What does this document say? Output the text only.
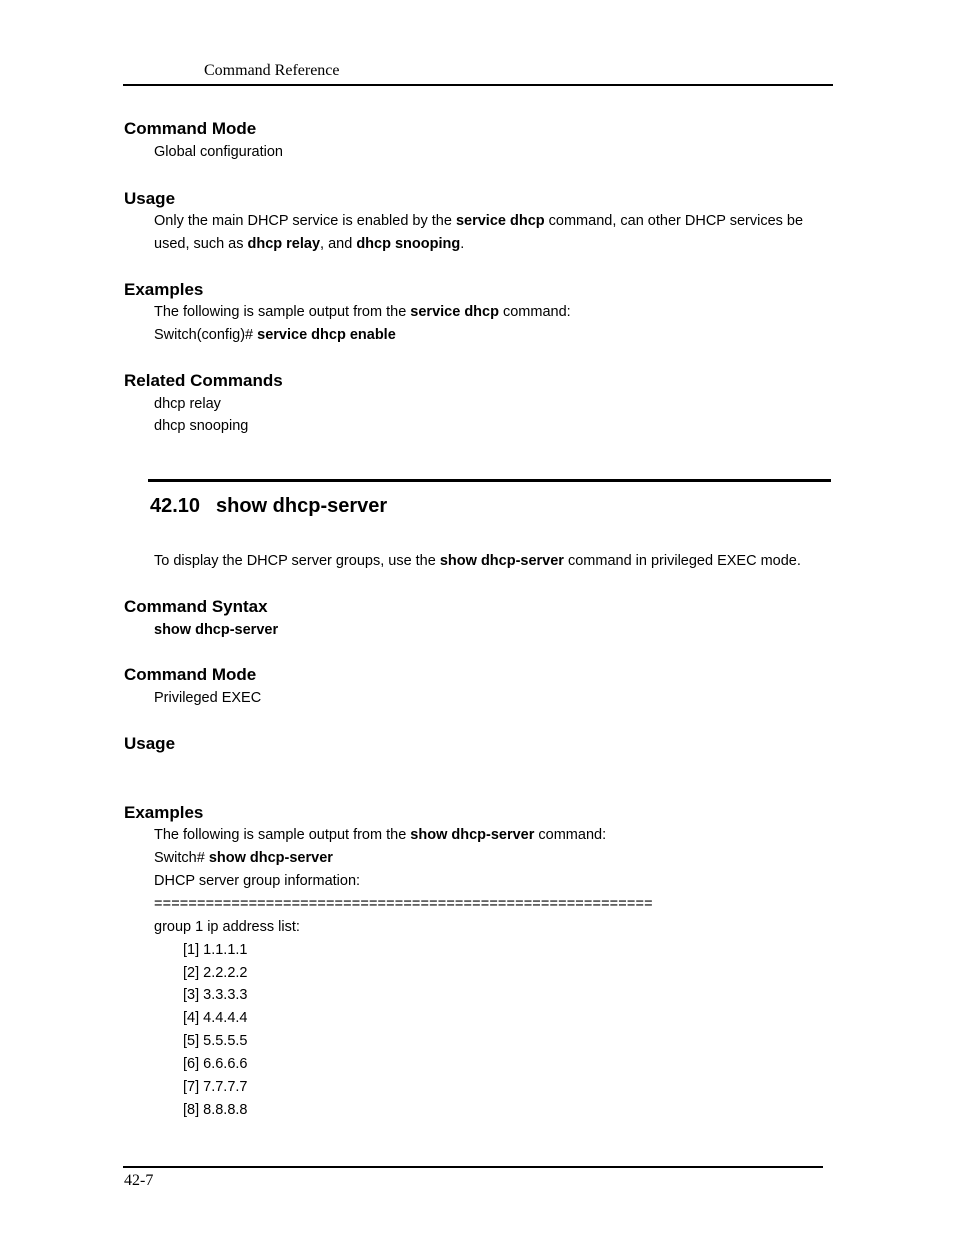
Command Reference
Command Mode
Global configuration
Usage
Only the main DHCP service is enabled by the service dhcp command, can other DHCP services be
used, such as dhcp relay, and dhcp snooping.
Examples
The following is sample output from the service dhcp command:
Switch(config)# service dhcp enable
Related Commands
dhcp relay
dhcp snooping
42.10 show dhcp-server
To display the DHCP server groups, use the show dhcp-server command in privileged EXEC mode.
Command Syntax
show dhcp-server
Command Mode
Privileged EXEC
Usage
Examples
The following is sample output from the show dhcp-server command:
Switch# show dhcp-server
DHCP server group information:
==========================================================
group 1 ip address list:
[1] 1.1.1.1
[2] 2.2.2.2
[3] 3.3.3.3
[4] 4.4.4.4
[5] 5.5.5.5
[6] 6.6.6.6
[7] 7.7.7.7
[8] 8.8.8.8
42-7
